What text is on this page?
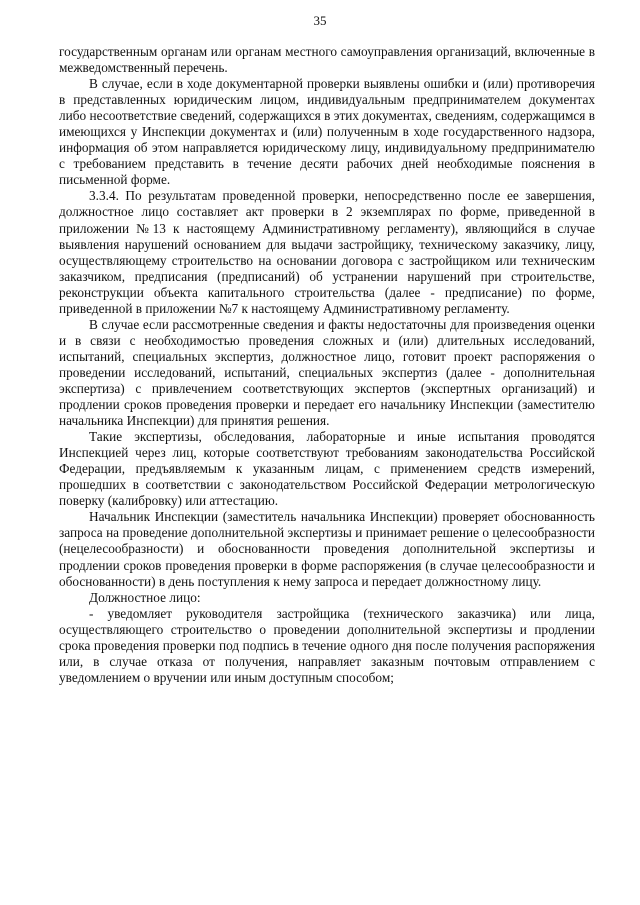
35

государственным органам или органам местного самоуправления организаций, включенные в межведомственный перечень.

В случае, если в ходе документарной проверки выявлены ошибки и (или) противоречия в представленных юридическим лицом, индивидуальным предпринимателем документах либо несоответствие сведений, содержащихся в этих документах, сведениям, содержащимся в имеющихся у Инспекции документах и (или) полученным в ходе государственного надзора, информация об этом направляется юридическому лицу, индивидуальному предпринимателю с требованием представить в течение десяти рабочих дней необходимые пояснения в письменной форме.

3.3.4. По результатам проведенной проверки, непосредственно после ее завершения, должностное лицо составляет акт проверки в 2 экземплярах по форме, приведенной в приложении №13 к настоящему Административному регламенту), являющийся в случае выявления нарушений основанием для выдачи застройщику, техническому заказчику, лицу, осуществляющему строительство на основании договора с застройщиком или техническим заказчиком, предписания (предписаний) об устранении нарушений при строительстве, реконструкции объекта капитального строительства (далее - предписание) по форме, приведенной в приложении №7 к настоящему Административному регламенту.

В случае если рассмотренные сведения и факты недостаточны для произведения оценки и в связи с необходимостью проведения сложных и (или) длительных исследований, испытаний, специальных экспертиз, должностное лицо, готовит проект распоряжения о проведении исследований, испытаний, специальных экспертиз (далее - дополнительная экспертиза) с привлечением соответствующих экспертов (экспертных организаций) и продлении сроков проведения проверки и передает его начальнику Инспекции (заместителю начальника Инспекции) для принятия решения.

Такие экспертизы, обследования, лабораторные и иные испытания проводятся Инспекцией через лиц, которые соответствуют требованиям законодательства Российской Федерации, предъявляемым к указанным лицам, с применением средств измерений, прошедших в соответствии с законодательством Российской Федерации метрологическую поверку (калибровку) или аттестацию.

Начальник Инспекции (заместитель начальника Инспекции) проверяет обоснованность запроса на проведение дополнительной экспертизы и принимает решение о целесообразности (нецелесообразности) и обоснованности проведения дополнительной экспертизы и продлении сроков проведения проверки в форме распоряжения (в случае целесообразности и обоснованности) в день поступления к нему запроса и передает должностному лицу.

Должностное лицо:

- уведомляет руководителя застройщика (технического заказчика) или лица, осуществляющего строительство о проведении дополнительной экспертизы и продлении срока проведения проверки под подпись в течение одного дня после получения распоряжения или, в случае отказа от получения, направляет заказным почтовым отправлением с уведомлением о вручении или иным доступным способом;
